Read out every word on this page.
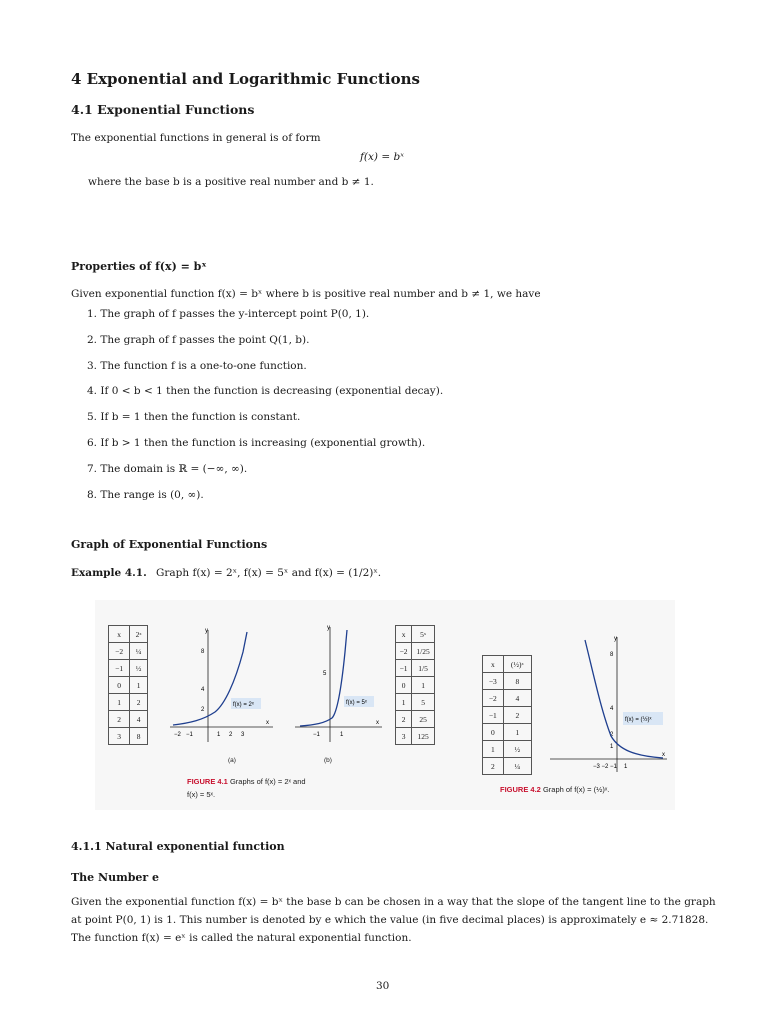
4 Exponential and Logarithmic Functions
4.1 Exponential Functions
The exponential functions in general is of form
f(x) = bˣ
where the base b is a positive real number and b ≠ 1.
Properties of f(x) = bˣ
Given exponential function f(x) = bˣ where b is positive real number and b ≠ 1, we have
1. The graph of f passes the y-intercept point P(0, 1).
2. The graph of f passes the point Q(1, b).
3. The function f is a one-to-one function.
4. If 0 < b < 1 then the function is decreasing (exponential decay).
5. If b = 1 then the function is constant.
6. If b > 1 then the function is increasing (exponential growth).
7. The domain is ℝ = (−∞, ∞).
8. The range is (0, ∞).
Graph of Exponential Functions
Example 4.1. Graph f(x) = 2ˣ, f(x) = 5ˣ and f(x) = (1/2)ˣ.
x	2ˣ
−2	¼
−1	½
0	1
1	2
2	4
3	8
y
x
8
4
2
−2 −1	1 2 3
f(x) = 2ˣ
(a)
y
x
5
−1	1
f(x) = 5ˣ
(b)
x	5ˣ
−2	1/25
−1	1/5
0	1
1	5
2	25
3	125
FIGURE 4.1 Graphs of f(x) = 2ˣ and
f(x) = 5ˣ.
x	(½)ˣ
−3	8
−2	4
−1	2
0	1
1	½
2	¼
y
x
8
4
2
1
−3 −2 −1 1
f(x) = (½)ˣ
FIGURE 4.2 Graph of f(x) = (½)ˣ.
4.1.1 Natural exponential function
The Number e
Given the exponential function f(x) = bˣ the base b can be chosen in a way that the slope of the tangent line to the graph
at point P(0, 1) is 1. This number is denoted by e which the value (in five decimal places) is approximately e ≈ 2.71828.
The function f(x) = eˣ is called the natural exponential function.
30
